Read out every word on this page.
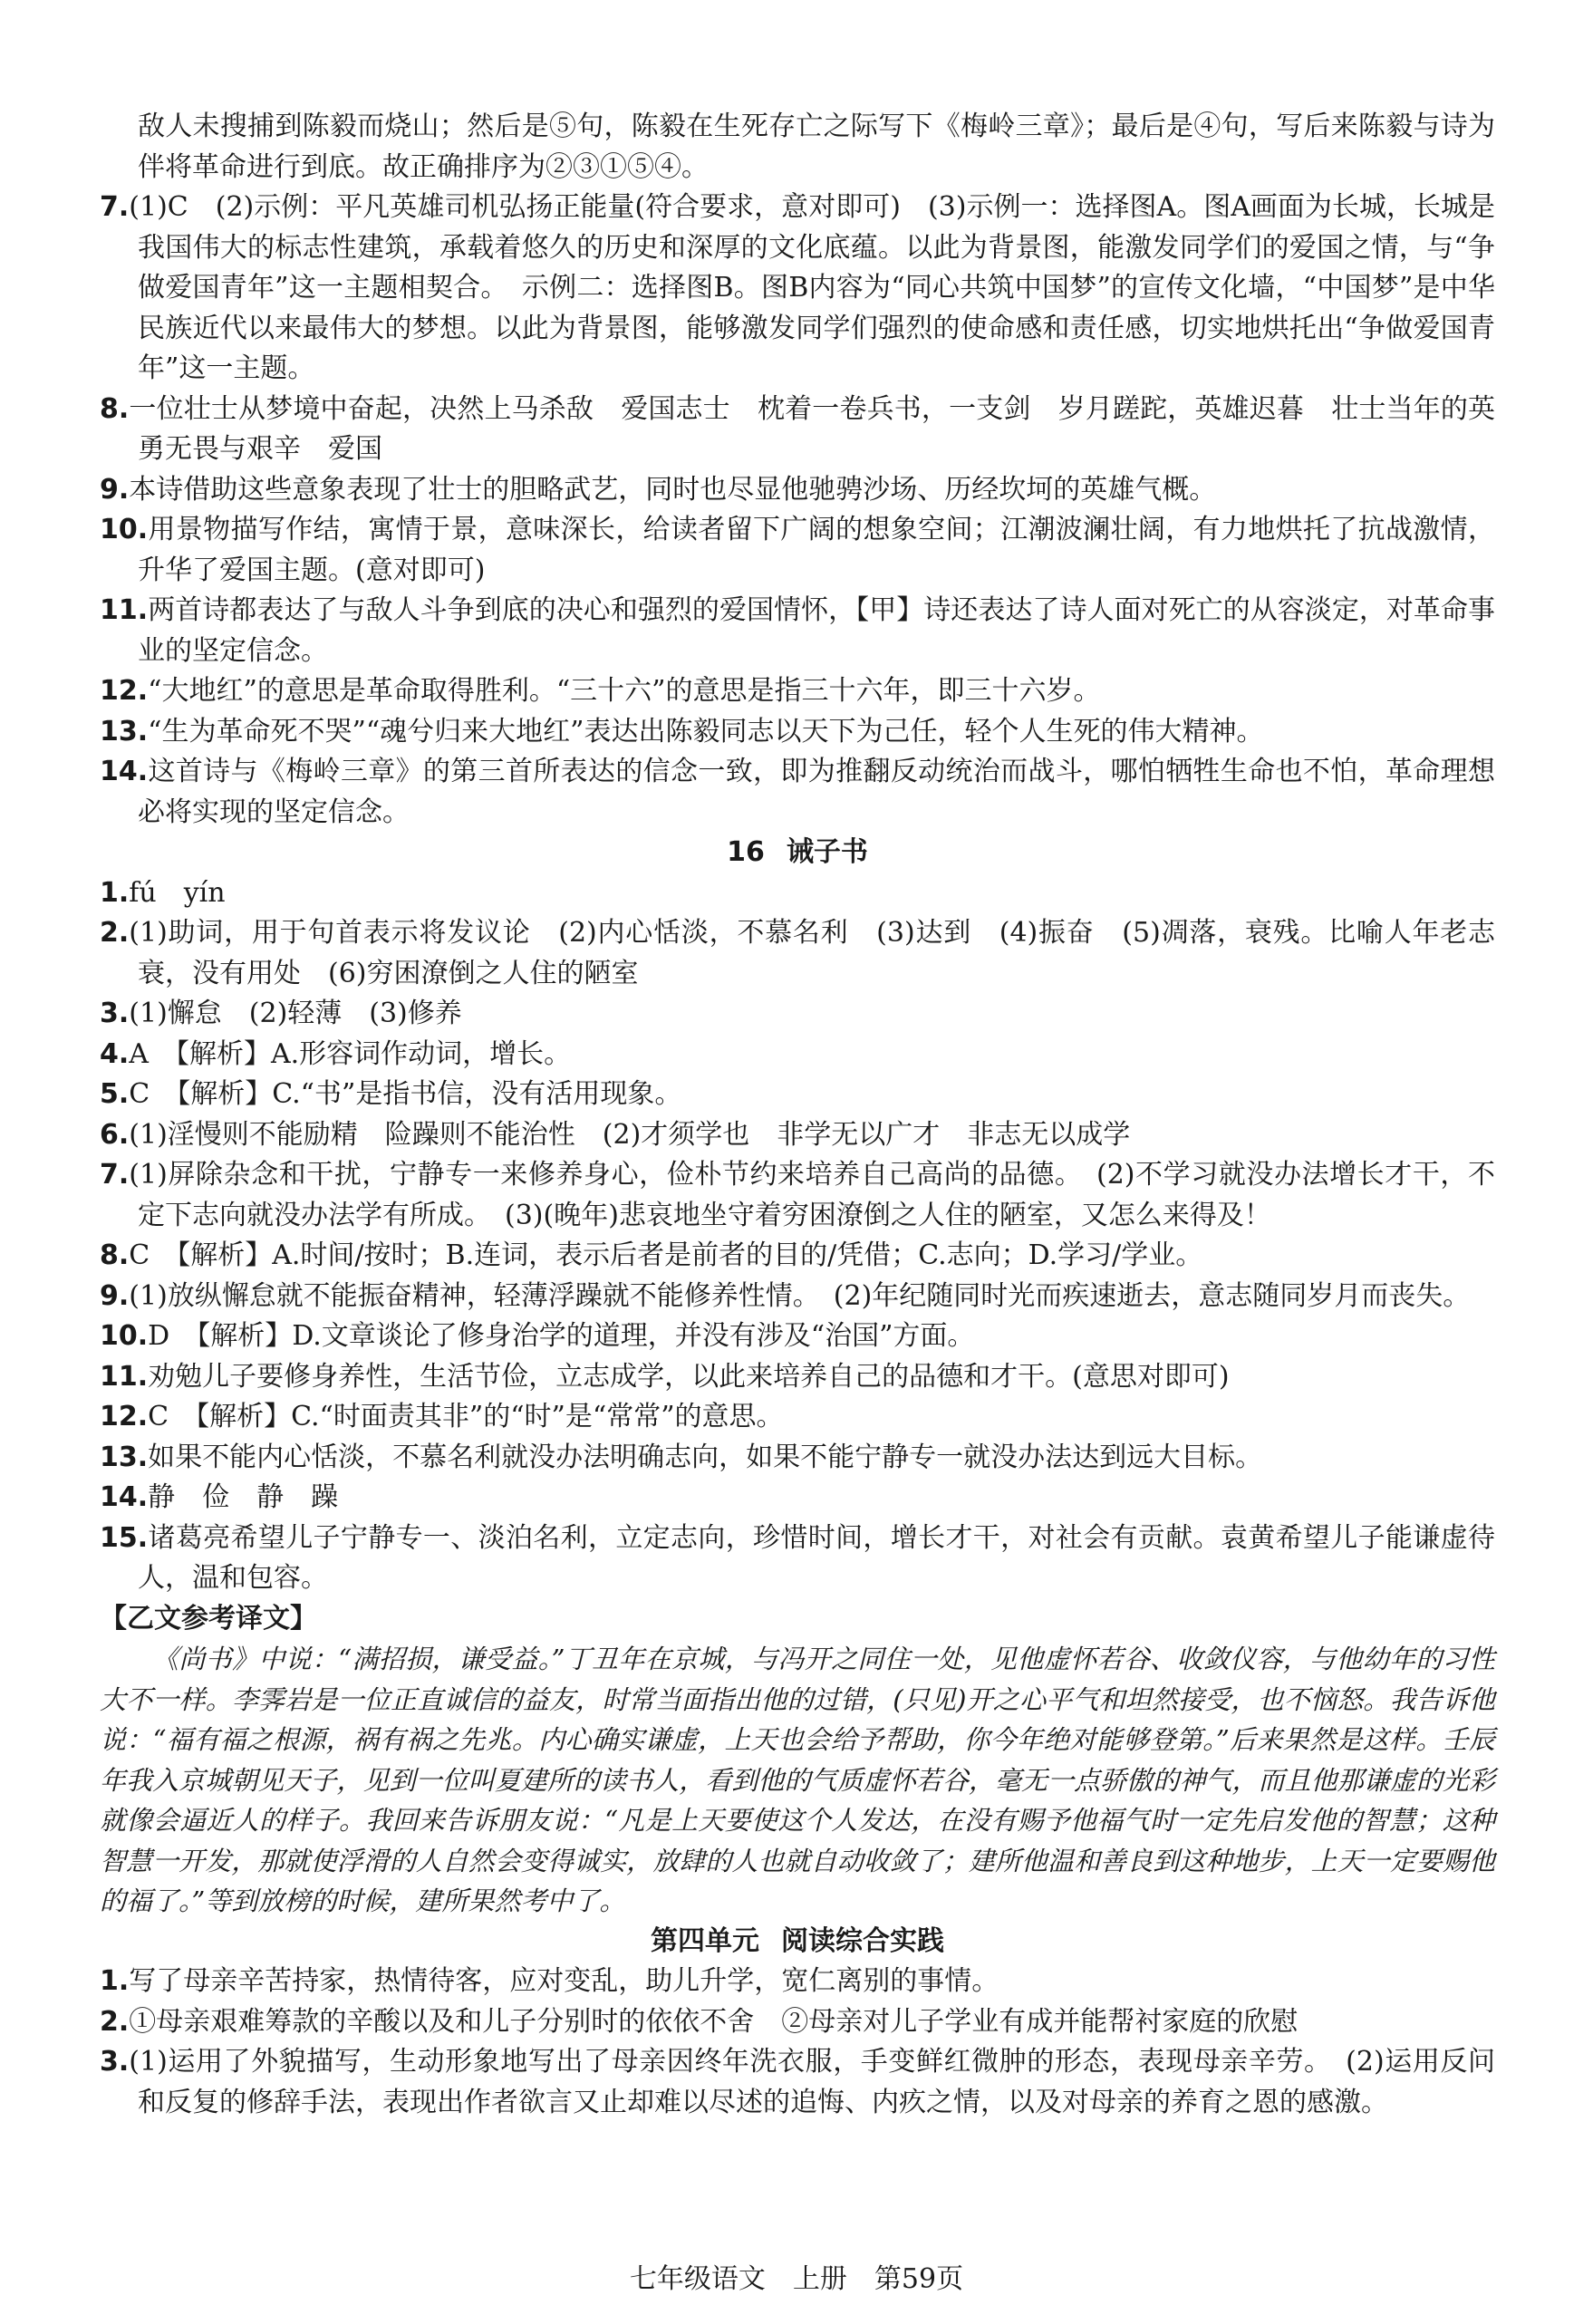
敌人未搜捕到陈毅而烧山；然后是⑤句，陈毅在生死存亡之际写下《梅岭三章》；最后是④句，写后来陈毅与诗为伴将革命进行到底。故正确排序为②③①⑤④。

7.(1)C　(2)示例：平凡英雄司机弘扬正能量(符合要求，意对即可)　(3)示例一：选择图A。图A画面为长城，长城是我国伟大的标志性建筑，承载着悠久的历史和深厚的文化底蕴。以此为背景图，能激发同学们的爱国之情，与“争做爱国青年”这一主题相契合。　示例二：选择图B。图B内容为“同心共筑中国梦”的宣传文化墙，“中国梦”是中华民族近代以来最伟大的梦想。以此为背景图，能够激发同学们强烈的使命感和责任感，切实地烘托出“争做爱国青年”这一主题。

8.一位壮士从梦境中奋起，决然上马杀敌　爱国志士　枕着一卷兵书，一支剑　岁月蹉跎，英雄迟暮　壮士当年的英勇无畏与艰辛　爱国

9.本诗借助这些意象表现了壮士的胆略武艺，同时也尽显他驰骋沙场、历经坎坷的英雄气概。

10.用景物描写作结，寓情于景，意味深长，给读者留下广阔的想象空间；江潮波澜壮阔，有力地烘托了抗战激情，升华了爱国主题。(意对即可)

11.两首诗都表达了与敌人斗争到底的决心和强烈的爱国情怀，【甲】诗还表达了诗人面对死亡的从容淡定，对革命事业的坚定信念。

12.“大地红”的意思是革命取得胜利。“三十六”的意思是指三十六年，即三十六岁。

13.“生为革命死不哭”“魂兮归来大地红”表达出陈毅同志以天下为己任，轻个人生死的伟大精神。

14.这首诗与《梅岭三章》的第三首所表达的信念一致，即为推翻反动统治而战斗，哪怕牺牲生命也不怕，革命理想必将实现的坚定信念。

16 诫子书

1.fú　yín

2.(1)助词，用于句首表示将发议论　(2)内心恬淡，不慕名利　(3)达到　(4)振奋　(5)凋落，衰残。比喻人年老志衰，没有用处　(6)穷困潦倒之人住的陋室

3.(1)懈怠　(2)轻薄　(3)修养

4.A　【解析】A.形容词作动词，增长。

5.C　【解析】C.“书”是指书信，没有活用现象。

6.(1)淫慢则不能励精　险躁则不能治性　(2)才须学也　非学无以广才　非志无以成学

7.(1)屏除杂念和干扰，宁静专一来修养身心，俭朴节约来培养自己高尚的品德。　(2)不学习就没办法增长才干，不定下志向就没办法学有所成。　(3)(晚年)悲哀地坐守着穷困潦倒之人住的陋室，又怎么来得及！

8.C　【解析】A.时间/按时；B.连词，表示后者是前者的目的/凭借；C.志向；D.学习/学业。

9.(1)放纵懈怠就不能振奋精神，轻薄浮躁就不能修养性情。　(2)年纪随同时光而疾速逝去，意志随同岁月而丧失。

10.D　【解析】D.文章谈论了修身治学的道理，并没有涉及“治国”方面。

11.劝勉儿子要修身养性，生活节俭，立志成学，以此来培养自己的品德和才干。(意思对即可)

12.C　【解析】C.“时面责其非”的“时”是“常常”的意思。

13.如果不能内心恬淡，不慕名利就没办法明确志向，如果不能宁静专一就没办法达到远大目标。

14.静　俭　静　躁

15.诸葛亮希望儿子宁静专一、淡泊名利，立定志向，珍惜时间，增长才干，对社会有贡献。袁黄希望儿子能谦虚待人，温和包容。

【乙文参考译文】

《尚书》中说：“满招损，谦受益。”丁丑年在京城，与冯开之同住一处，见他虚怀若谷、收敛仪容，与他幼年的习性大不一样。李霁岩是一位正直诚信的益友，时常当面指出他的过错，(只见)开之心平气和坦然接受，也不恼怒。我告诉他说：“福有福之根源，祸有祸之先兆。内心确实谦虚，上天也会给予帮助，你今年绝对能够登第。”后来果然是这样。壬辰年我入京城朝见天子，见到一位叫夏建所的读书人，看到他的气质虚怀若谷，毫无一点骄傲的神气，而且他那谦虚的光彩就像会逼近人的样子。我回来告诉朋友说：“凡是上天要使这个人发达，在没有赐予他福气时一定先启发他的智慧；这种智慧一开发，那就使浮滑的人自然会变得诚实，放肆的人也就自动收敛了；建所他温和善良到这种地步，上天一定要赐他的福了。”等到放榜的时候，建所果然考中了。

第四单元 阅读综合实践

1.写了母亲辛苦持家，热情待客，应对变乱，助儿升学，宽仁离别的事情。

2.①母亲艰难筹款的辛酸以及和儿子分别时的依依不舍　②母亲对儿子学业有成并能帮衬家庭的欣慰

3.(1)运用了外貌描写，生动形象地写出了母亲因终年洗衣服，手变鲜红微肿的形态，表现母亲辛劳。　(2)运用反问和反复的修辞手法，表现出作者欲言又止却难以尽述的追悔、内疚之情，以及对母亲的养育之恩的感激。

七年级语文　上册　第59页
